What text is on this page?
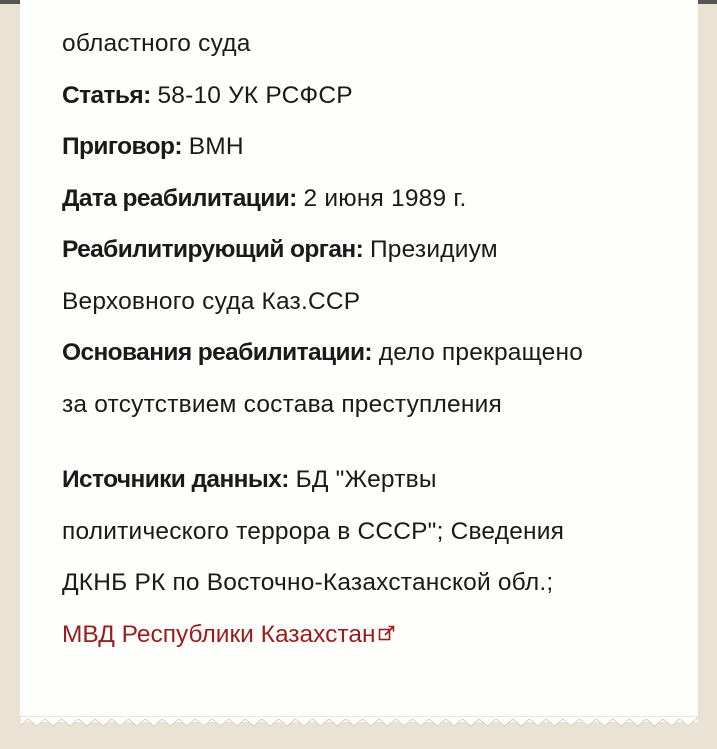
областного суда
Статья: 58-10 УК РСФСР
Приговор: ВМН
Дата реабилитации: 2 июня 1989 г.
Реабилитирующий орган: Президиум
Верховного суда Каз.ССР
Основания реабилитации: дело прекращено
за отсутствием состава преступления
Источники данных: БД "Жертвы
политического террора в СССР"; Сведения
ДКНБ РК по Восточно-Казахстанской обл.;
МВД Республики Казахстан
